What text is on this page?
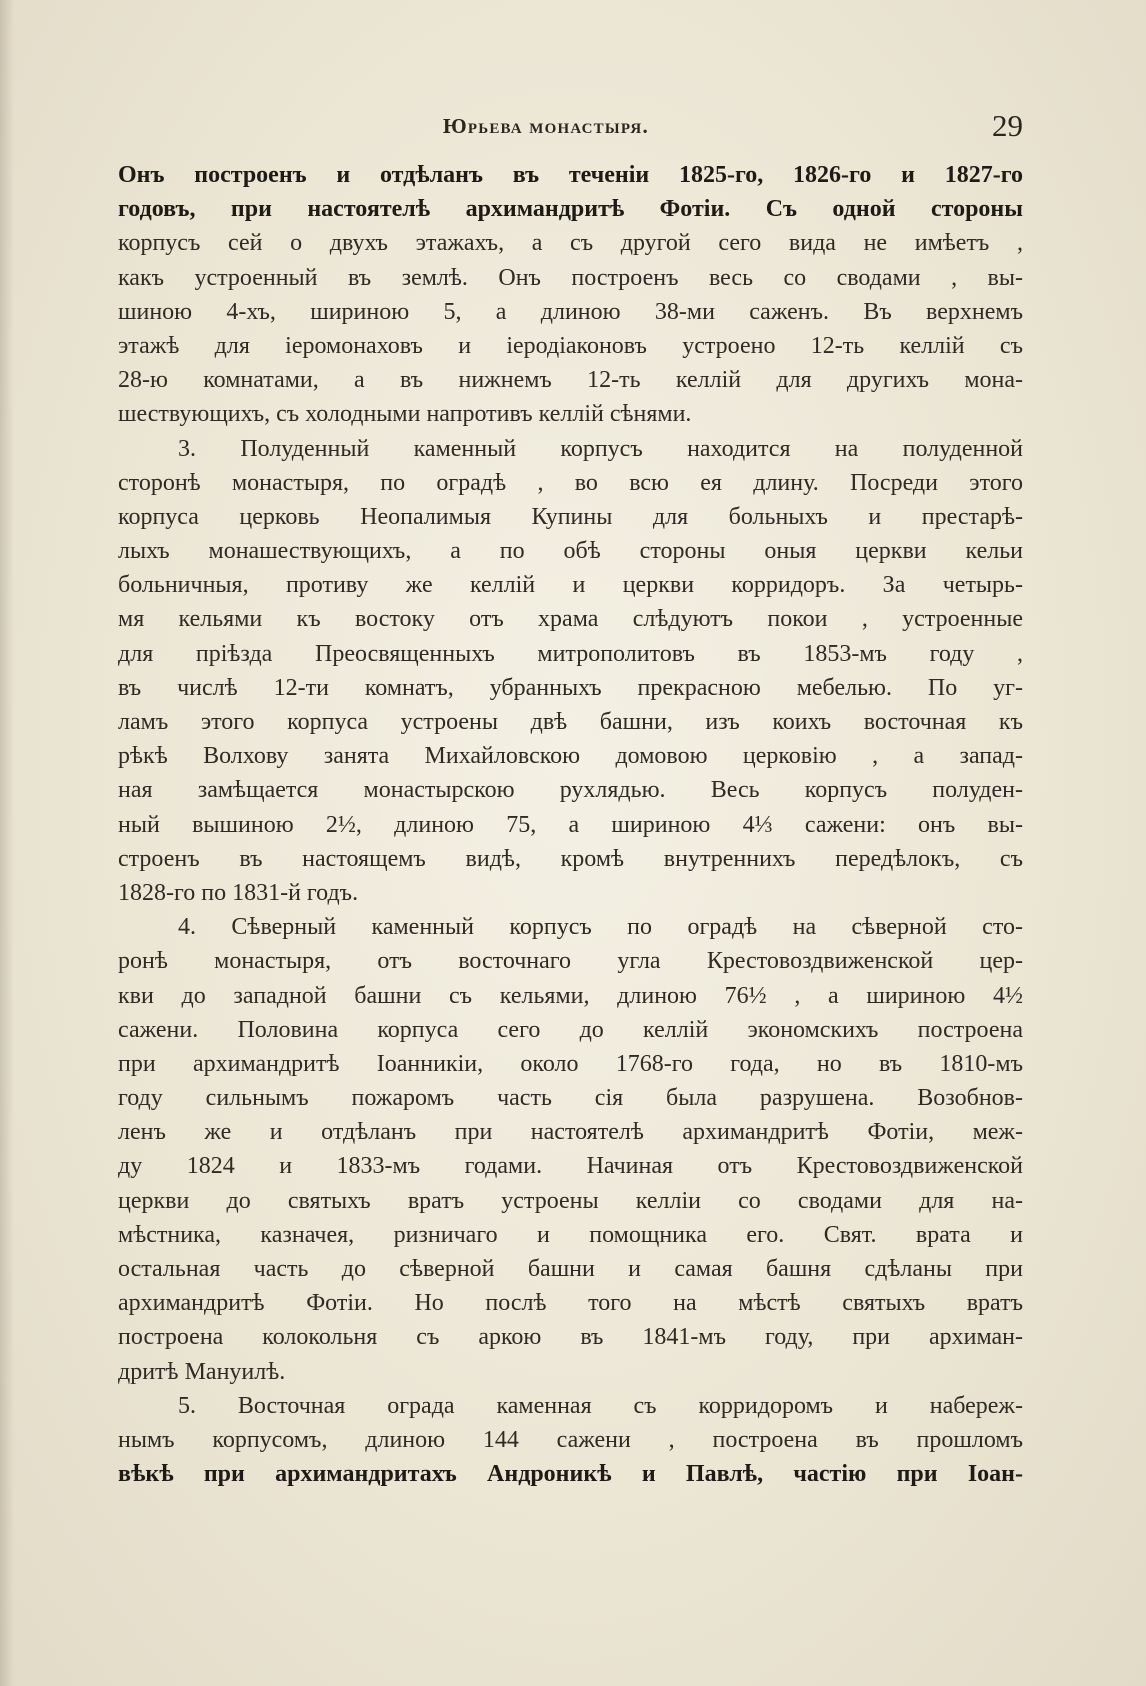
Юрьева монастыря.	29
Онъ построенъ и отдѣланъ въ теченіи 1825-го, 1826-го и 1827-го
годовъ, при настоятелѣ архимандритѣ Фотіи. Съ одной стороны
корпусъ сей о двухъ этажахъ, а съ другой сего вида не имѣетъ ,
какъ устроенный въ землѣ. Онъ построенъ весь со сводами , вы-
шиною 4-хъ, шириною 5, а длиною 38-ми саженъ. Въ верхнемъ
этажѣ для іеромонаховъ и іеродіаконовъ устроено 12-ть келлій съ
28-ю комнатами, а въ нижнемъ 12-ть келлій для другихъ мона-
шествующихъ, съ холодными напротивъ келлій сѣнями.
3. Полуденный каменный корпусъ находится на полуденной
сторонѣ монастыря, по оградѣ , во всю ея длину. Посреди этого
корпуса церковь Неопалимыя Купины для больныхъ и престарѣ-
лыхъ монашествующихъ, а по обѣ стороны оныя церкви кельи
больничныя, противу же келлій и церкви корридоръ. За четырь-
мя кельями къ востоку отъ храма слѣдуютъ покои , устроенные
для пріѣзда Преосвященныхъ митрополитовъ въ 1853-мъ году ,
въ числѣ 12-ти комнатъ, убранныхъ прекрасною мебелью. По уг-
ламъ этого корпуса устроены двѣ башни, изъ коихъ восточная къ
рѣкѣ Волхову занята Михайловскою домовою церковію , а запад-
ная замѣщается монастырскою рухлядью. Весь корпусъ полуден-
ный вышиною 2½, длиною 75, а шириною 4⅓ сажени: онъ вы-
строенъ въ настоящемъ видѣ, кромѣ внутреннихъ передѣлокъ, съ
1828-го по 1831-й годъ.
4. Сѣверный каменный корпусъ по оградѣ на сѣверной сто-
ронѣ монастыря, отъ восточнаго угла Крестовоздвиженской цер-
кви до западной башни съ кельями, длиною 76½ , а шириною 4½
сажени. Половина корпуса сего до келлій экономскихъ построена
при архимандритѣ Іоанникіи, около 1768-го года, но въ 1810-мъ
году сильнымъ пожаромъ часть сія была разрушена. Возобнов-
ленъ же и отдѣланъ при настоятелѣ архимандритѣ Фотіи, меж-
ду 1824 и 1833-мъ годами. Начиная отъ Крестовоздвиженской
церкви до святыхъ вратъ устроены келліи со сводами для на-
мѣстника, казначея, ризничаго и помощника его. Свят. врата и
остальная часть до сѣверной башни и самая башня сдѣланы при
архимандритѣ Фотіи. Но послѣ того на мѣстѣ святыхъ вратъ
построена колокольня съ аркою въ 1841-мъ году, при архиман-
дритѣ Мануилѣ.
5. Восточная ограда каменная съ корридоромъ и набереж-
нымъ корпусомъ, длиною 144 сажени , построена въ прошломъ
вѣкѣ при архимандритахъ Андроникѣ и Павлѣ, частію при Іоан-
